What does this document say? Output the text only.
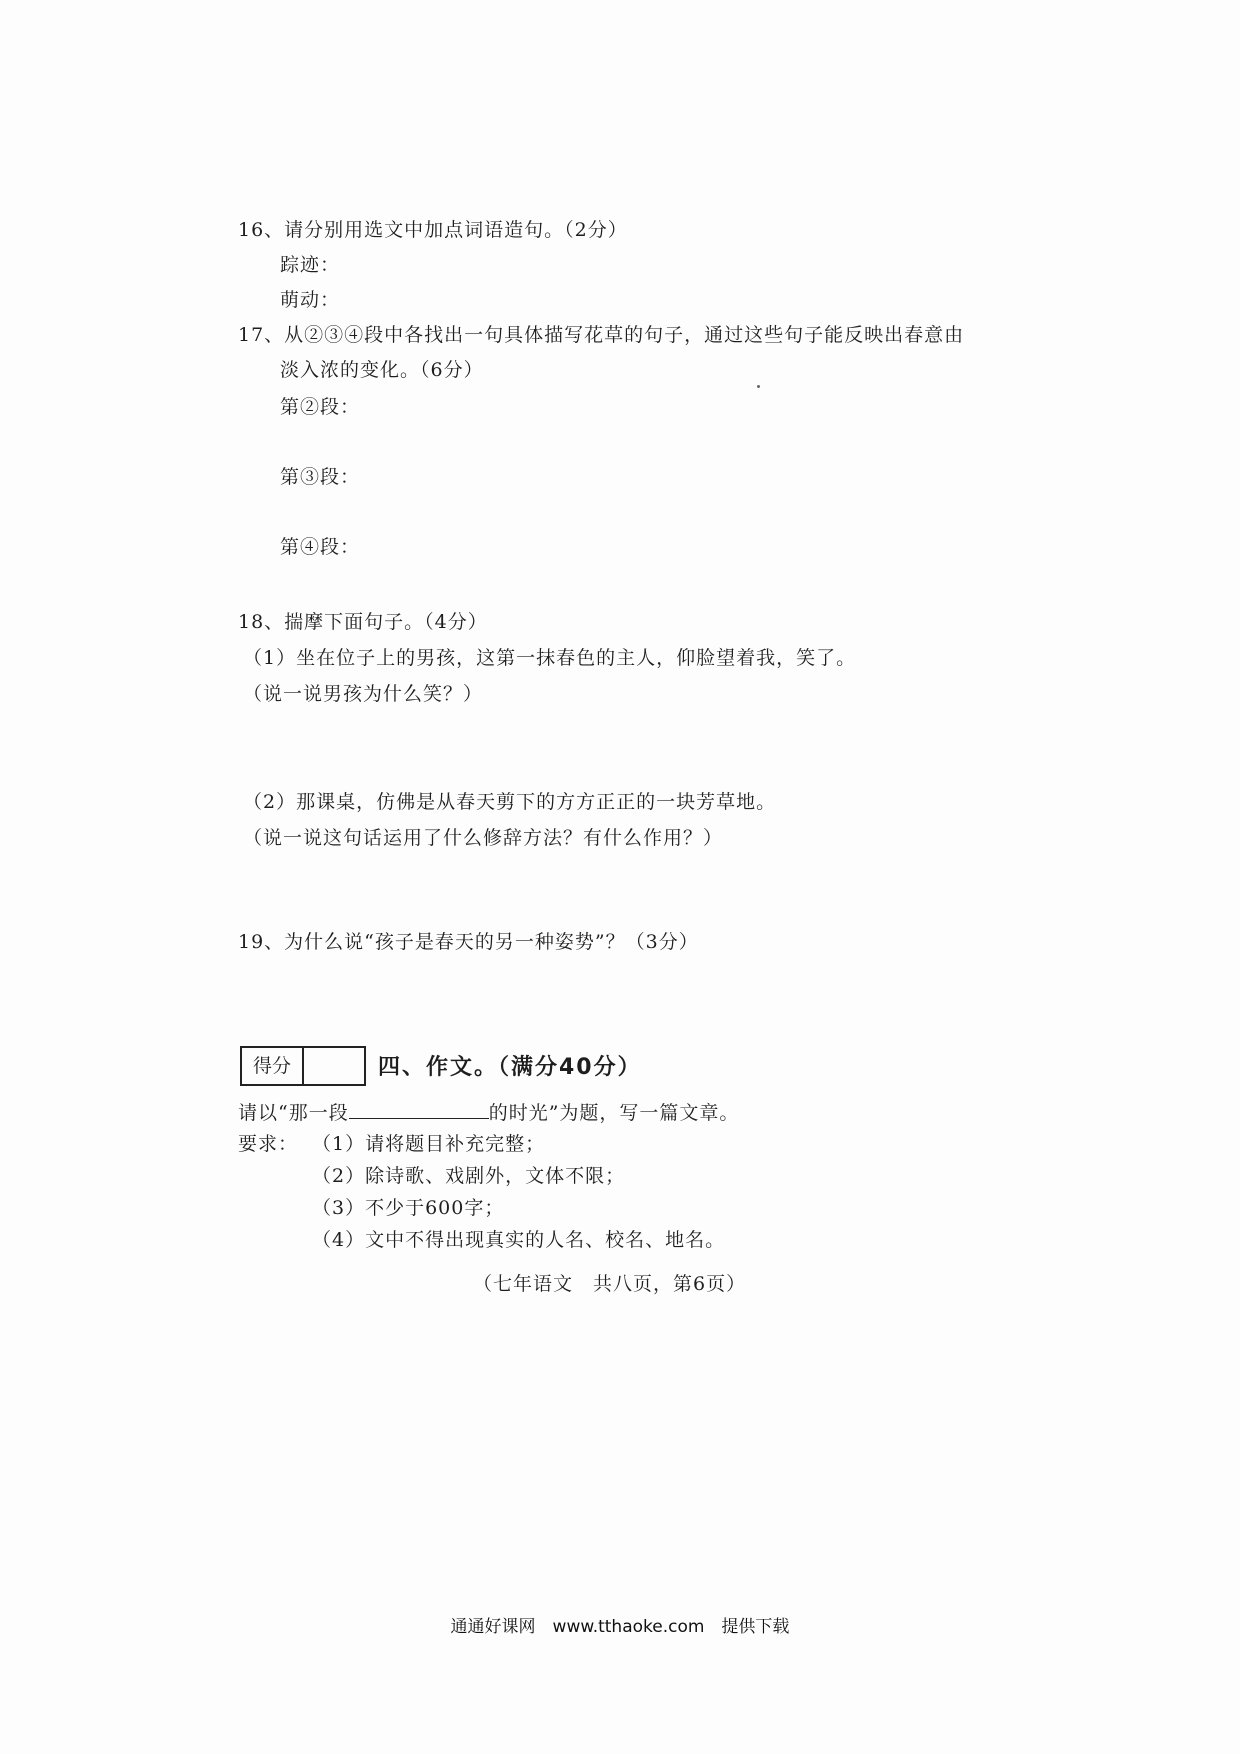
16、请分别用选文中加点词语造句。（2分）
踪迹：
萌动：
17、从②③④段中各找出一句具体描写花草的句子，通过这些句子能反映出春意由
淡入浓的变化。（6分）
第②段：
第③段：
第④段：
18、揣摩下面句子。（4分）
（1）坐在位子上的男孩，这第一抹春色的主人，仰脸望着我，笑了。
（说一说男孩为什么笑？）
（2）那课桌，仿佛是从春天剪下的方方正正的一块芳草地。
（说一说这句话运用了什么修辞方法？有什么作用？）
19、为什么说“孩子是春天的另一种姿势”？（3分）
得分	四、作文。（满分40分）
请以“那一段	的时光”为题，写一篇文章。
要求： （1）请将题目补充完整；
（2）除诗歌、戏剧外，文体不限；
（3）不少于600字；
（4）文中不得出现真实的人名、校名、地名。
（七年语文　共八页，第6页）
通通好课网　www.tthaoke.com　提供下载
